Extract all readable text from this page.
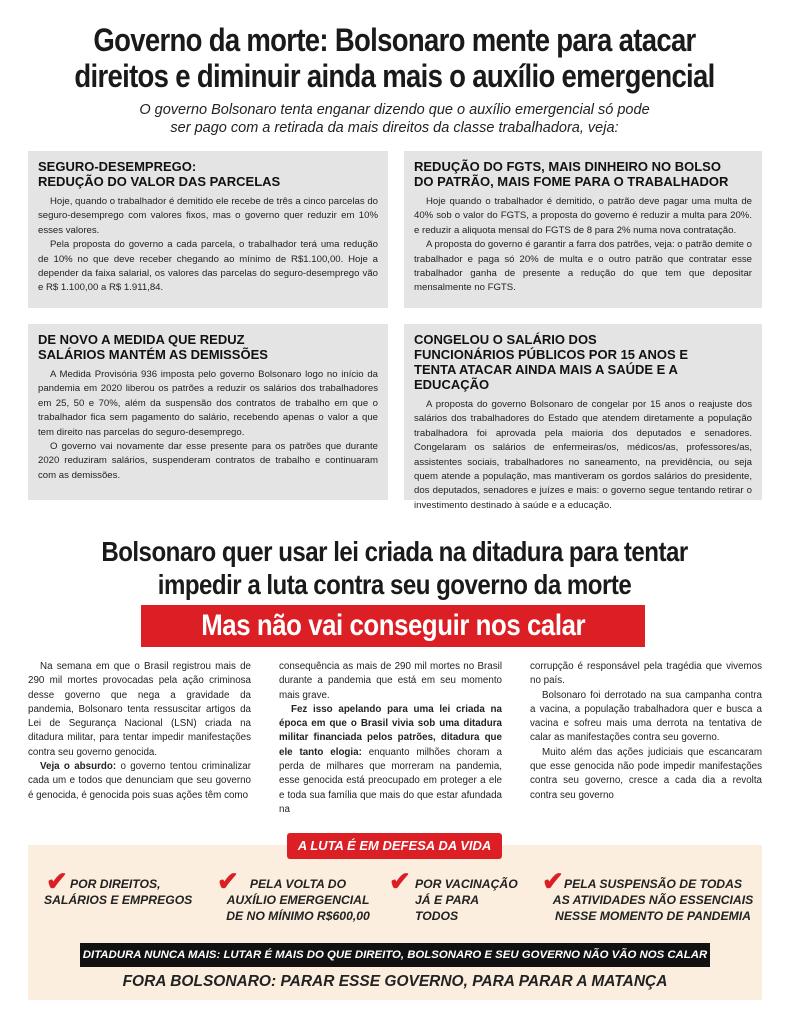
Governo da morte: Bolsonaro mente para atacar
direitos e diminuir ainda mais o auxílio emergencial
O governo Bolsonaro tenta enganar dizendo que o auxílio emergencial só pode
ser pago com a retirada da mais direitos da classe trabalhadora, veja:
SEGURO-DESEMPREGO:
REDUÇÃO DO VALOR DAS PARCELAS

Hoje, quando o trabalhador é demitido ele recebe de três a cinco parcelas do seguro-desemprego com valores fixos, mas o governo quer reduzir em 10% esses valores.

Pela proposta do governo a cada parcela, o trabalhador terá uma redução de 10% no que deve receber chegando ao mínimo de R$1.100,00. Hoje a depender da faixa salarial, os valores das parcelas do seguro-desemprego vão e R$ 1.100,00 a R$ 1.911,84.

REDUÇÃO DO FGTS, MAIS DINHEIRO NO BOLSO
DO PATRÃO, MAIS FOME PARA O TRABALHADOR

Hoje quando o trabalhador é demitido, o patrão deve pagar uma multa de 40% sob o valor do FGTS, a proposta do governo é reduzir a multa para 20%. e reduzir a aliquota mensal do FGTS de 8 para 2% numa nova contratação.

A proposta do governo é garantir a farra dos patrões, veja: o patrão demite o trabalhador e paga só 20% de multa e o outro patrão que contratar esse trabalhador ganha de presente a redução do que tem que depositar mensalmente no FGTS.

DE NOVO A MEDIDA QUE REDUZ
SALÁRIOS MANTÉM AS DEMISSÕES

A Medida Provisória 936 imposta pelo governo Bolsonaro logo no início da pandemia em 2020 liberou os patrões a reduzir os salários dos trabalhadores em 25, 50 e 70%, além da suspensão dos contratos de trabalho em que o trabalhador fica sem pagamento do salário, recebendo apenas o valor a que tem direito nas parcelas do seguro-desemprego.

O governo vai novamente dar esse presente para os patrões que durante 2020 reduziram salários, suspenderam contratos de trabalho e continuaram com as demissões.

CONGELOU O SALÁRIO DOS
FUNCIONÁRIOS PÚBLICOS POR 15 ANOS E
TENTA ATACAR AINDA MAIS A SAÚDE E A EDUCAÇÃO

A proposta do governo Bolsonaro de congelar por 15 anos o reajuste dos salários dos trabalhadores do Estado que atendem diretamente a população trabalhadora foi aprovada pela maioria dos deputados e senadores. Congelaram os salários de enfermeiras/os, médicos/as, professores/as, assistentes sociais, trabalhadores no saneamento, na previdência, ou seja quem atende a população, mas mantiveram os gordos salários do presidente, dos deputados, senadores e juízes e mais: o governo segue tentando retirar o investimento destinado à saúde e a educação.

Bolsonaro quer usar lei criada na ditadura para tentar
impedir a luta contra seu governo da morte
Mas não vai conseguir nos calar

Na semana em que o Brasil registrou mais de 290 mil mortes provocadas pela ação criminosa desse governo que nega a gravidade da pandemia, Bolsonaro tenta ressuscitar artigos da Lei de Segurança Nacional (LSN) criada na ditadura militar, para tentar impedir manifestações contra seu governo genocida.

Veja o absurdo: o governo tentou criminalizar cada um e todos que denunciam que seu governo é genocida, é genocida pois suas ações têm como

consequência as mais de 290 mil mortes no Brasil durante a pandemia que está em seu momento mais grave.

Fez isso apelando para uma lei criada na época em que o Brasil vivia sob uma ditadura militar financiada pelos patrões, ditadura que ele tanto elogia: enquanto milhões choram a perda de milhares que morreram na pandemia, esse genocida está preocupado em proteger a ele e toda sua família que mais do que estar afundada na

corrupção é responsável pela tragédia que vivemos no país.

Bolsonaro foi derrotado na sua campanha contra a vacina, a população trabalhadora quer e busca a vacina e sofreu mais uma derrota na tentativa de calar as manifestações contra seu governo.

Muito além das ações judiciais que escancaram que esse genocida não pode impedir manifestações contra seu governo, cresce a cada dia a revolta contra seu governo

A LUTA É EM DEFESA DA VIDA
✔ POR DIREITOS,
SALÁRIOS E EMPREGOS
✔ PELA VOLTA DO
AUXÍLIO EMERGENCIAL
DE NO MÍNIMO R$600,00
✔ POR VACINAÇÃO
JÁ E PARA TODOS
✔ PELA SUSPENSÃO DE TODAS
AS ATIVIDADES NÃO ESSENCIAIS
NESSE MOMENTO DE PANDEMIA
DITADURA NUNCA MAIS: LUTAR É MAIS DO QUE DIREITO, BOLSONARO E SEU GOVERNO NÃO VÃO NOS CALAR
FORA BOLSONARO: PARAR ESSE GOVERNO, PARA PARAR A MATANÇA
